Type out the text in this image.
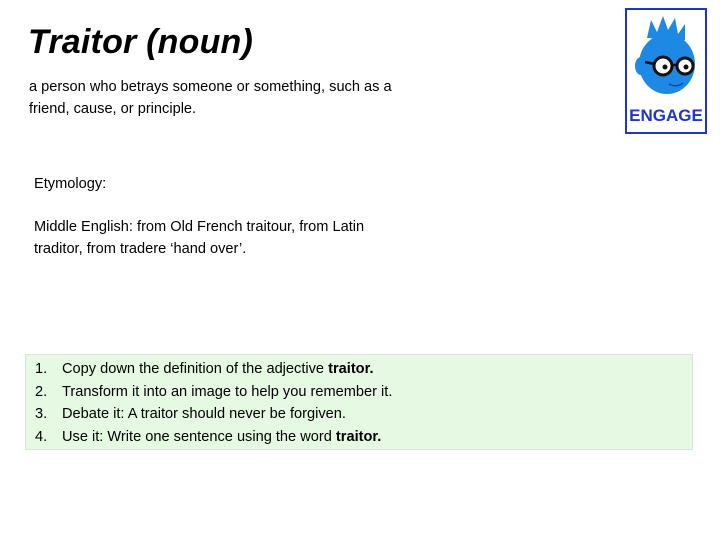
Traitor (noun)

a person who betrays someone or something, such as a friend, cause, or principle.	ENGAGE

Etymology:

Middle English: from Old French traitour, from Latin traditor, from tradere ‘hand over’.

1. Copy down the definition of the adjective traitor.
2. Transform it into an image to help you remember it.
3. Debate it: A traitor should never be forgiven.
4. Use it: Write one sentence using the word traitor.
